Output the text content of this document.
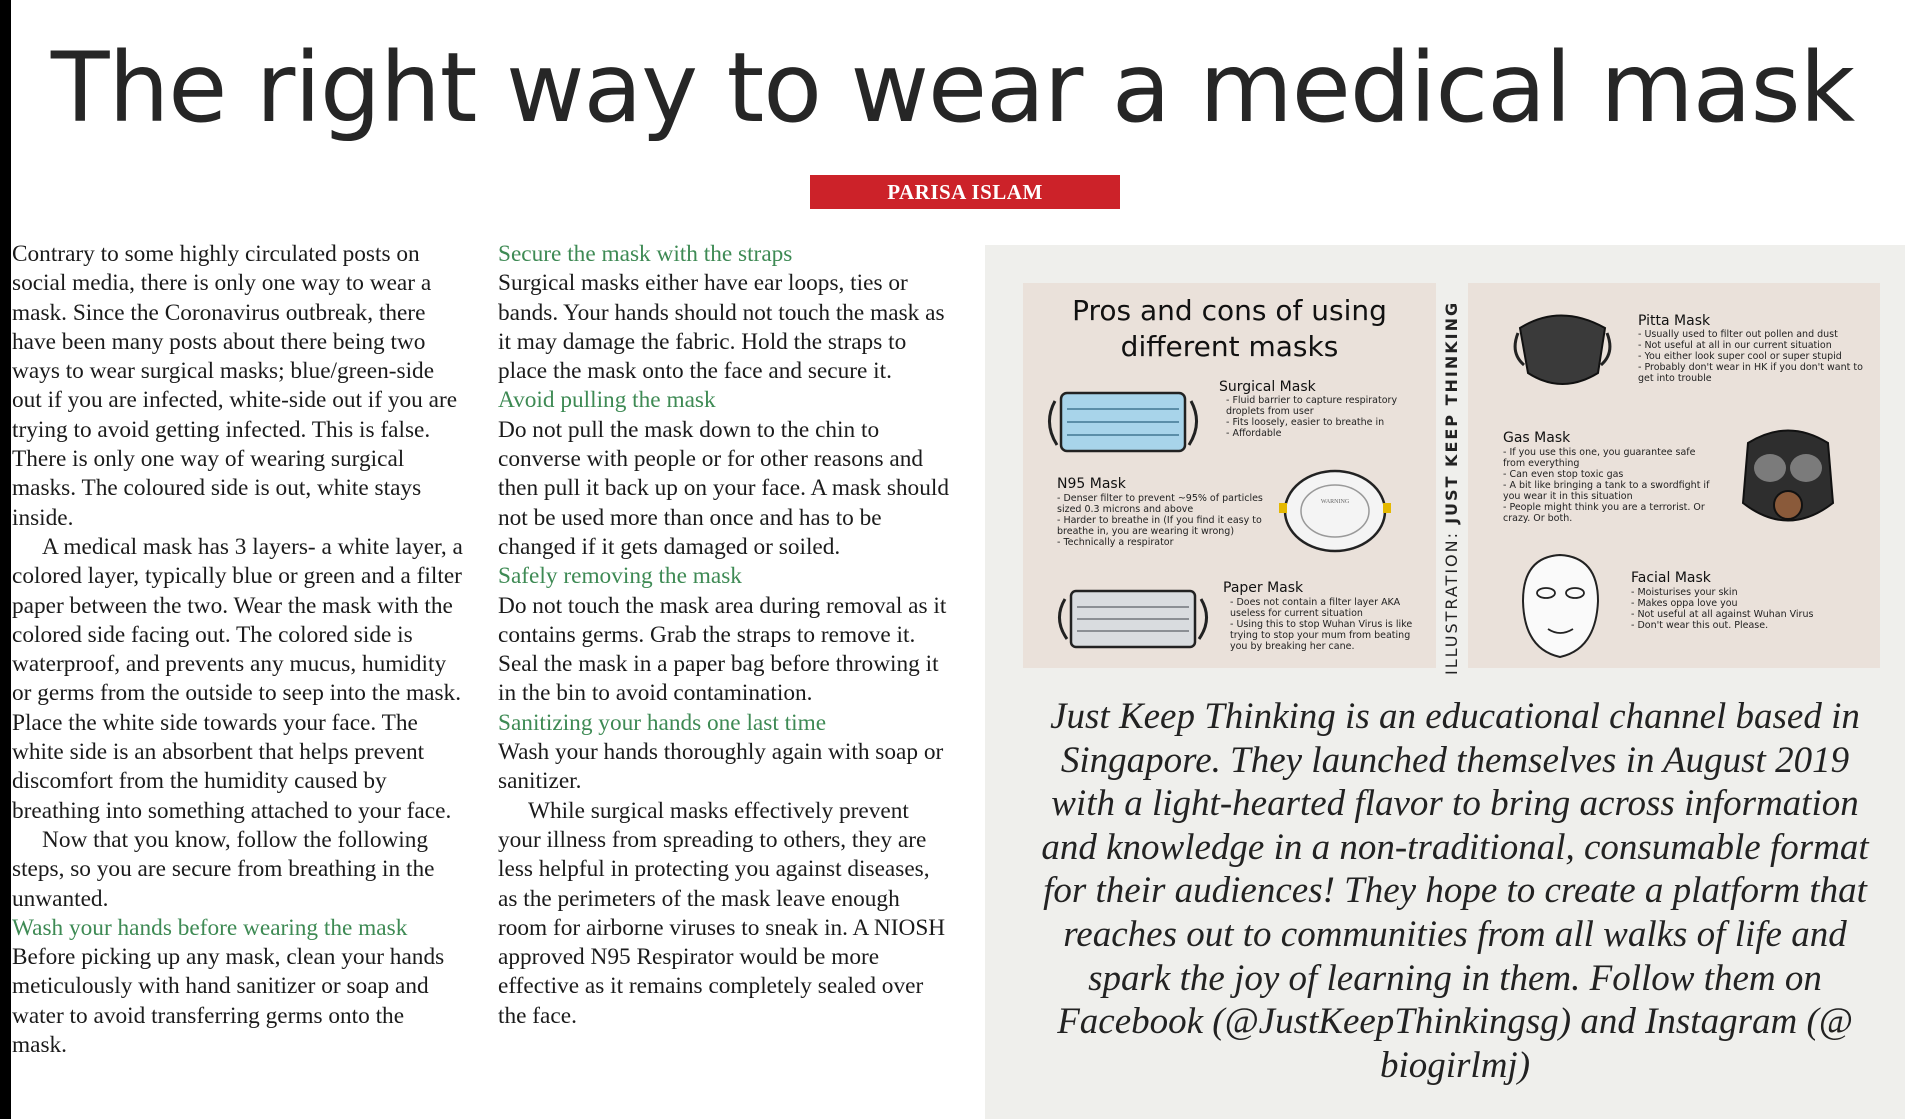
The right way to wear a medical mask
PARISA ISLAM

Contrary to some highly circulated posts on social media, there is only one way to wear a mask. Since the Coronavirus outbreak, there have been many posts about there being two ways to wear surgical masks; blue/green-side out if you are infected, white-side out if you are trying to avoid getting infected. This is false.

There is only one way of wearing surgical masks. The coloured side is out, white stays inside.

A medical mask has 3 layers- a white layer, a colored layer, typically blue or green and a filter paper between the two. Wear the mask with the colored side facing out. The colored side is waterproof, and prevents any mucus, humidity or germs from the outside to seep into the mask. Place the white side towards your face. The white side is an absorbent that helps prevent discomfort from the humidity caused by breathing into something attached to your face.

Now that you know, follow the following steps, so you are secure from breathing in the unwanted.

Wash your hands before wearing the mask

Before picking up any mask, clean your hands meticulously with hand sanitizer or soap and water to avoid transferring germs onto the mask.

Secure the mask with the straps

Surgical masks either have ear loops, ties or bands. Your hands should not touch the mask as it may damage the fabric. Hold the straps to place the mask onto the face and secure it.

Avoid pulling the mask

Do not pull the mask down to the chin to converse with people or for other reasons and then pull it back up on your face. A mask should not be used more than once and has to be changed if it gets damaged or soiled.

Safely removing the mask

Do not touch the mask area during removal as it contains germs. Grab the straps to remove it. Seal the mask in a paper bag before throwing it in the bin to avoid contamination.

Sanitizing your hands one last time

Wash your hands thoroughly again with soap or sanitizer.

While surgical masks effectively prevent your illness from spreading to others, they are less helpful in protecting you against diseases, as the perimeters of the mask leave enough room for airborne viruses to sneak in. A NIOSH approved N95 Respirator would be more effective as it remains completely sealed over the face.

Pros and cons of using different masks
Surgical Mask
- Fluid barrier to capture respiratory droplets from user
- Fits loosely, easier to breathe in
- Affordable
N95 Mask
- Denser filter to prevent ~95% of particles sized 0.3 microns and above
- Harder to breathe in (If you find it easy to breathe in, you are wearing it wrong)
- Technically a respirator
WARNING
Paper Mask
- Does not contain a filter layer AKA useless for current situation
- Using this to stop Wuhan Virus is like trying to stop your mum from beating you by breaking her cane.
Pitta Mask
- Usually used to filter out pollen and dust
- Not useful at all in our current situation
- You either look super cool or super stupid
- Probably don't wear in HK if you don't want to get into trouble
Gas Mask
- If you use this one, you guarantee safe from everything
- Can even stop toxic gas
- A bit like bringing a tank to a swordfight if you wear it in this situation
- People might think you are a terrorist. Or crazy. Or both.
Facial Mask
- Moisturises your skin
- Makes oppa love you
- Not useful at all against Wuhan Virus
- Don't wear this out. Please.
ILLUSTRATION: JUST KEEP THINKING
Just Keep Thinking is an educational channel based in Singapore. They launched themselves in August 2019 with a light-hearted flavor to bring across information and knowledge in a non-traditional, consumable format for their audiences! They hope to create a platform that reaches out to communities from all walks of life and spark the joy of learning in them. Follow them on Facebook (@JustKeepThinkingsg) and Instagram (@ biogirlmj)
